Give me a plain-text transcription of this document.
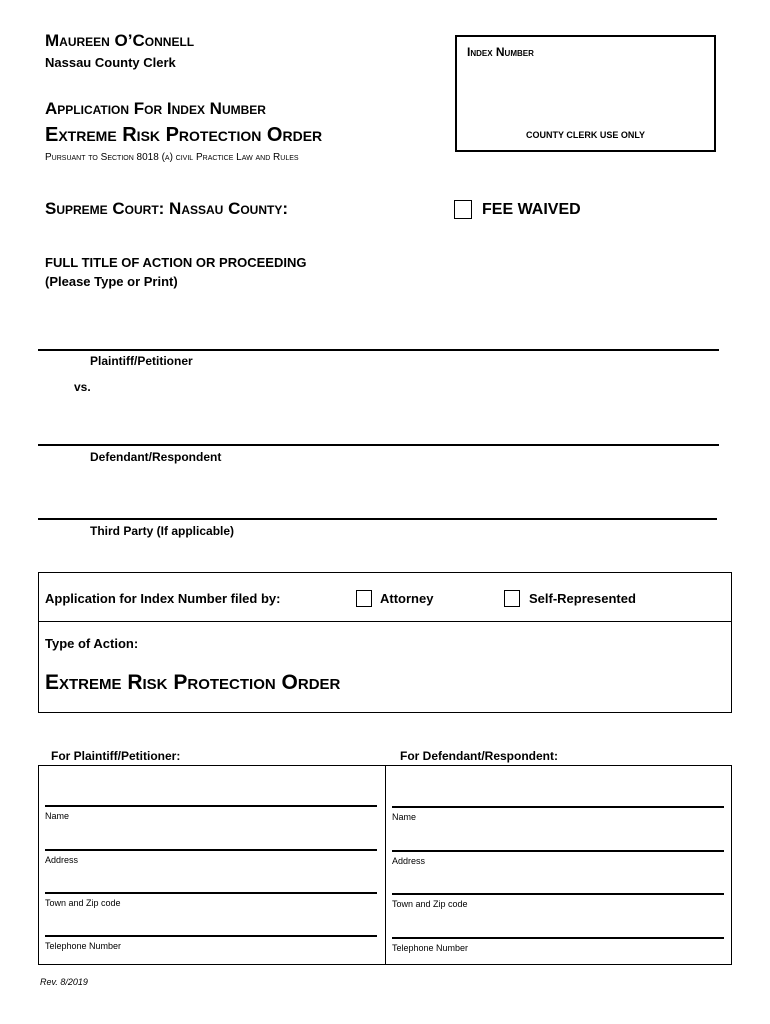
Maureen O’Connell
Nassau County Clerk
Application For Index Number
Extreme Risk Protection Order
Pursuant to Section 8018 (a) civil Practice Law and Rules
Index Number
COUNTY CLERK USE ONLY
Supreme Court: Nassau County:	FEE WAIVED
FULL TITLE OF ACTION OR PROCEEDING
(Please Type or Print)
Plaintiff/Petitioner
vs.
Defendant/Respondent
Third Party (If applicable)
Application for Index Number filed by:	Attorney	Self-Represented
Type of Action:
Extreme Risk Protection Order
For Plaintiff/Petitioner:	For Defendant/Respondent:
Name
Address
Town and Zip code
Telephone Number
Name
Address
Town and Zip code
Telephone Number
Rev. 8/2019
